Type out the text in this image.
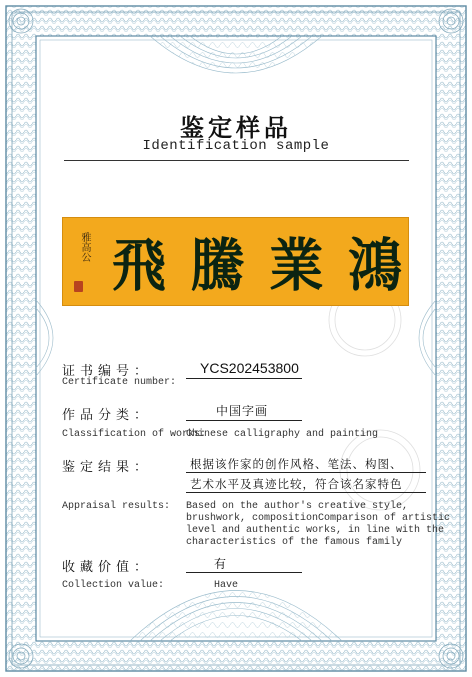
鉴定样品
Identification sample
雅高公 飛 騰 業 鴻
证书编号：
Certificate number:
YCS202453800
作品分类：	中国字画
Classification of works:
Chinese calligraphy and painting
鉴定结果：	根据该作家的创作风格、笔法、构图、
艺术水平及真迹比较，符合该名家特色
Appraisal results: Based on the author's creative style,
brushwork, compositionComparison of artistic
level and authentic works, in line with the
characteristics of the famous family
收藏价值：	有
Collection value:	Have
